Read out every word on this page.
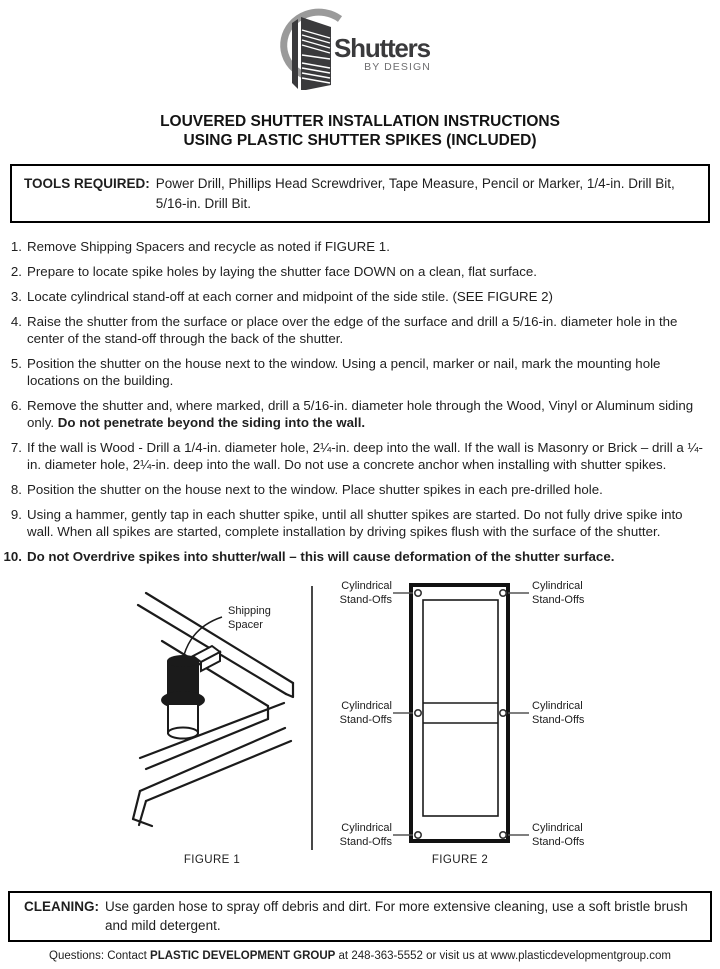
Shutters
BY DESIGN
LOUVERED SHUTTER INSTALLATION INSTRUCTIONS
USING PLASTIC SHUTTER SPIKES (INCLUDED)
TOOLS REQUIRED: Power Drill, Phillips Head Screwdriver, Tape Measure, Pencil or Marker, 1/4-in. Drill Bit, 5/16-in. Drill Bit.
1. Remove Shipping Spacers and recycle as noted if FIGURE 1.
2. Prepare to locate spike holes by laying the shutter face DOWN on a clean, flat surface.
3. Locate cylindrical stand-off at each corner and midpoint of the side stile. (SEE FIGURE 2)
4. Raise the shutter from the surface or place over the edge of the surface and drill a 5/16-in. diameter hole in the center of the stand-off through the back of the shutter.
5. Position the shutter on the house next to the window. Using a pencil, marker or nail, mark the mounting hole locations on the building.
6. Remove the shutter and, where marked, drill a 5/16-in. diameter hole through the Wood, Vinyl or Aluminum siding only. Do not penetrate beyond the siding into the wall.
7. If the wall is Wood - Drill a 1/4-in. diameter hole, 2¼-in. deep into the wall. If the wall is Masonry or Brick – drill a ¼-in. diameter hole, 2¼-in. deep into the wall. Do not use a concrete anchor when installing with shutter spikes.
8. Position the shutter on the house next to the window. Place shutter spikes in each pre-drilled hole.
9. Using a hammer, gently tap in each shutter spike, until all shutter spikes are started. Do not fully drive spike into wall. When all spikes are started, complete installation by driving spikes flush with the surface of the shutter.
10. Do not Overdrive spikes into shutter/wall – this will cause deformation of the shutter surface.
Shipping
Spacer
Cylindrical
Stand-Offs
Cylindrical
Stand-Offs
Cylindrical
Stand-Offs
Cylindrical
Stand-Offs
Cylindrical
Stand-Offs
Cylindrical
Stand-Offs
FIGURE 1	FIGURE 2
CLEANING: Use garden hose to spray off debris and dirt. For more extensive cleaning, use a soft bristle brush and mild detergent.
Questions: Contact PLASTIC DEVELOPMENT GROUP at 248-363-5552 or visit us at www.plasticdevelopmentgroup.com
